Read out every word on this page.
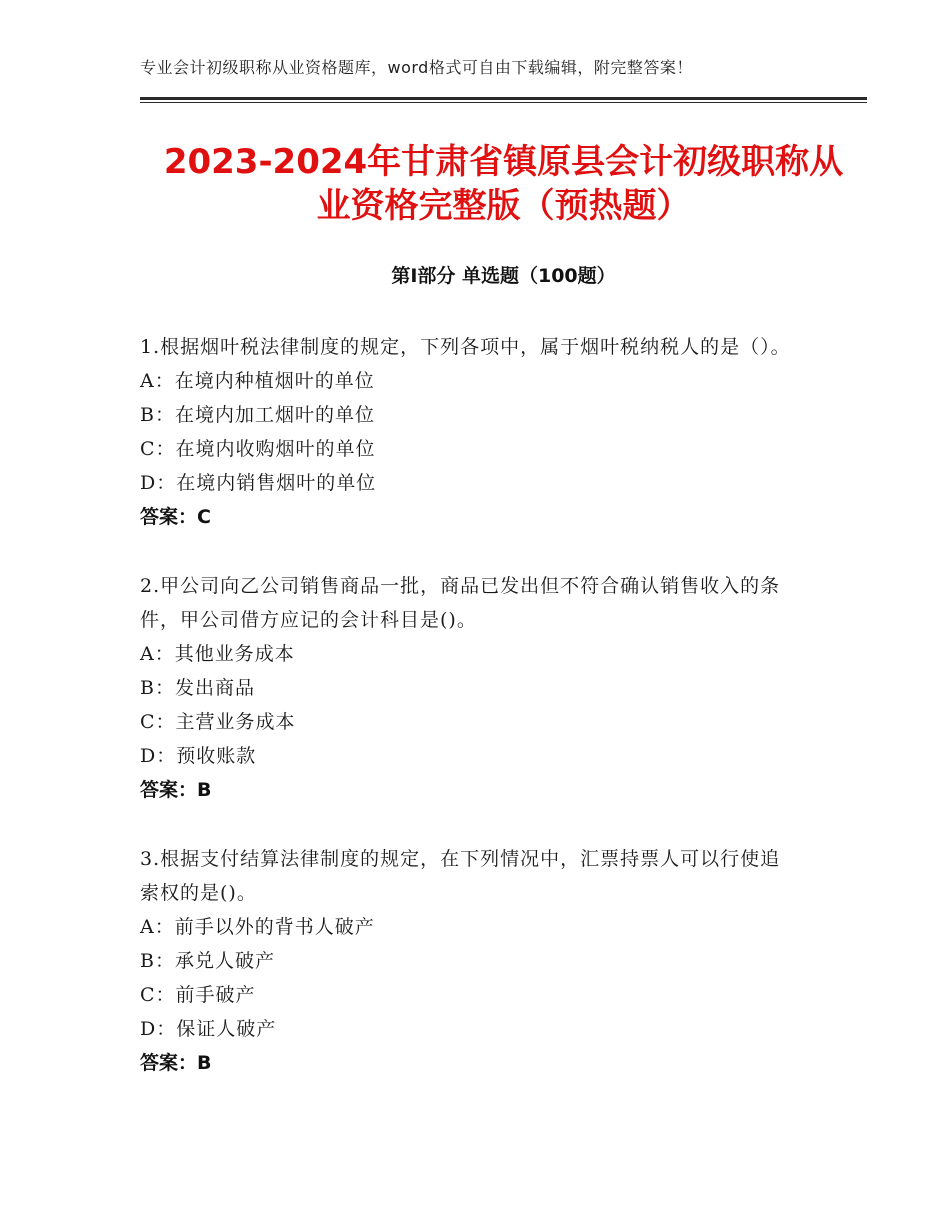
专业会计初级职称从业资格题库，word格式可自由下载编辑，附完整答案！
2023-2024年甘肃省镇原县会计初级职称从
业资格完整版（预热题）
第Ⅰ部分 单选题（100题）
1.根据烟叶税法律制度的规定，下列各项中，属于烟叶税纳税人的是（）。
A：在境内种植烟叶的单位
B：在境内加工烟叶的单位
C：在境内收购烟叶的单位
D：在境内销售烟叶的单位
答案：C
2.甲公司向乙公司销售商品一批，商品已发出但不符合确认销售收入的条件，甲公司借方应记的会计科目是()。
A：其他业务成本
B：发出商品
C：主营业务成本
D：预收账款
答案：B
3.根据支付结算法律制度的规定，在下列情况中，汇票持票人可以行使追索权的是()。
A：前手以外的背书人破产
B：承兑人破产
C：前手破产
D：保证人破产
答案：B
